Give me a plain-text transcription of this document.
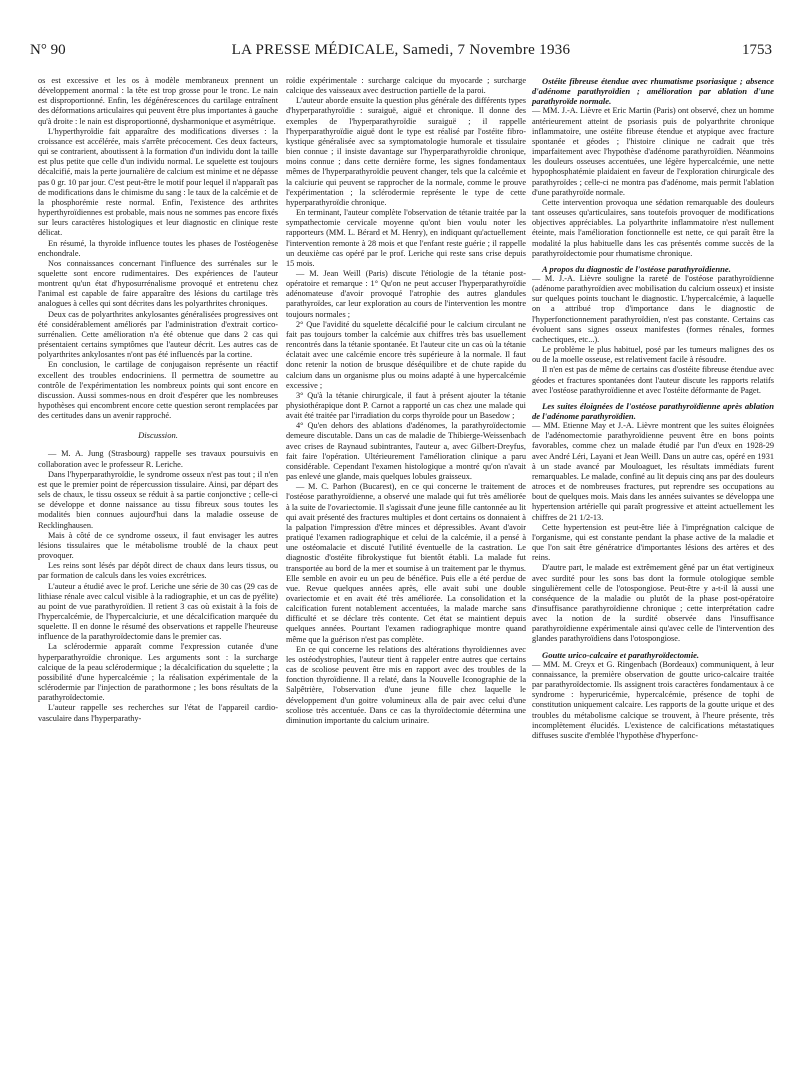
N° 90	LA PRESSE MÉDICALE, Samedi, 7 Novembre 1936	1753

os est excessive et les os à modèle membraneux prennent un développement anormal : la tête est trop grosse pour le tronc. Le nain est disproportionné. Enfin, les dégénérescences du cartilage entraînent des déformations articulaires qui peuvent être plus importantes à gauche qu'à droite : le nain est disproportionné, dysharmonique et asymétrique.

L'hyperthyroïdie fait apparaître des modifications diverses : la croissance est accélérée, mais s'arrête précocement. Ces deux facteurs, qui se contrarient, aboutissent à la formation d'un individu dont la taille est plus petite que celle d'un individu normal. Le squelette est toujours décalcifié, mais la perte journalière de calcium est minime et ne dépasse pas 0 gr. 10 par jour. C'est peut-être le motif pour lequel il n'apparaît pas de modifications dans le chimisme du sang : le taux de la calcémie et de la phosphorémie reste normal. Enfin, l'existence des arthrites hyperthyroïdiennes est probable, mais nous ne sommes pas encore fixés sur leurs caractères histologiques et leur diagnostic en clinique reste délicat.

En résumé, la thyroïde influence toutes les phases de l'ostéogenèse enchondrale.

Nos connaissances concernant l'influence des surrénales sur le squelette sont encore rudimentaires. Des expériences de l'auteur montrent qu'un état d'hyposurrénalisme provoqué et entretenu chez l'animal est capable de faire apparaître des lésions du cartilage très analogues à celles qui sont décrites dans les polyarthrites chroniques.

Deux cas de polyarthrites ankylosantes généralisées progressives ont été considérablement améliorés par l'administration d'extrait cortico-surrénalien. Cette amélioration n'a été obtenue que dans 2 cas qui présentaient certains symptômes que l'auteur décrit. Les autres cas de polyarthrites ankylosantes n'ont pas été influencés par la cortine.

En conclusion, le cartilage de conjugaison représente un réactif excellent des troubles endocriniens. Il permettra de soumettre au contrôle de l'expérimentation les nombreux points qui sont encore en discussion. Aussi sommes-nous en droit d'espérer que les nombreuses hypothèses qui encombrent encore cette question seront remplacées par des certitudes dans un avenir rapproché.

Discussion.

— M. A. Jung (Strasbourg) rappelle ses travaux poursuivis en collaboration avec le professeur R. Leriche.

Dans l'hyperparathyroïdie, le syndrome osseux n'est pas tout ; il n'en est que le premier point de répercussion tissulaire. Ainsi, par départ des sels de chaux, le tissu osseux se réduit à sa partie conjonctive ; celle-ci se développe et donne naissance au tissu fibreux sous toutes les modalités bien connues aujourd'hui dans la maladie osseuse de Recklinghausen.

Mais à côté de ce syndrome osseux, il faut envisager les autres lésions tissulaires que le métabolisme troublé de la chaux peut provoquer.

Les reins sont lésés par dépôt direct de chaux dans leurs tissus, ou par formation de calculs dans les voies excrétrices.

L'auteur a étudié avec le prof. Leriche une série de 30 cas (29 cas de lithiase rénale avec calcul visible à la radiographie, et un cas de pyélite) au point de vue parathyroïdien. Il retient 3 cas où existait à la fois de l'hypercalcémie, de l'hypercalciurie, et une décalcification marquée du squelette. Il en donne le résumé des observations et rappelle l'heureuse influence de la parathyroïdectomie dans le premier cas.

La sclérodermie apparaît comme l'expression cutanée d'une hyperparathyroïdie chronique. Les arguments sont : la surcharge calcique de la peau sclérodermique ; la décalcification du squelette ; la possibilité d'une hypercalcémie ; la réalisation expérimentale de la sclérodermie par l'injection de parathormone ; les bons résultats de la parathyroïdectomie.

L'auteur rappelle ses recherches sur l'état de l'appareil cardio-vasculaire dans l'hyperparathy-

roïdie expérimentale : surcharge calcique du myocarde ; surcharge calcique des vaisseaux avec destruction partielle de la paroi.

L'auteur aborde ensuite la question plus générale des différents types d'hyperparathyroïdie : suraiguë, aiguë et chronique. Il donne des exemples de l'hyperparathyroïdie suraiguë ; il rappelle l'hyperparathyroïdie aiguë dont le type est réalisé par l'ostéite fibro-kystique généralisée avec sa symptomatologie humorale et tissulaire bien connue ; il insiste davantage sur l'hyperparathyroïdie chronique, moins connue ; dans cette dernière forme, les signes fondamentaux mêmes de l'hyperparathyroïdie peuvent changer, tels que la calcémie et la calciurie qui peuvent se rapprocher de la normale, comme le prouve l'expérimentation ; la sclérodermie représente le type de cette hyperparathyroïdie chronique.

En terminant, l'auteur complète l'observation de tétanie traitée par la sympathectomie cervicale moyenne qu'ont bien voulu noter les rapporteurs (MM. L. Bérard et M. Henry), en indiquant qu'actuellement l'intervention remonte à 28 mois et que l'enfant reste guérie ; il rappelle un deuxième cas opéré par le prof. Leriche qui reste sans crise depuis 15 mois.

— M. Jean Weill (Paris) discute l'étiologie de la tétanie post-opératoire et remarque : 1° Qu'on ne peut accuser l'hyperparathyroïdie adénomateuse d'avoir provoqué l'atrophie des autres glandules parathyroïdes, car leur exploration au cours de l'intervention les montre toujours normales ;

2° Que l'avidité du squelette décalcifié pour le calcium circulant ne fait pas toujours tomber la calcémie aux chiffres très bas usuellement rencontrés dans la tétanie spontanée. Et l'auteur cite un cas où la tétanie éclatait avec une calcémie encore très supérieure à la normale. Il faut donc retenir la notion de brusque déséquilibre et de chute rapide du calcium dans un organisme plus ou moins adapté à une hypercalcémie excessive ;

3° Qu'à la tétanie chirurgicale, il faut à présent ajouter la tétanie physiothérapique dont P. Carnot a rapporté un cas chez une malade qui avait été traitée par l'irradiation du corps thyroïde pour un Basedow ;

4° Qu'en dehors des ablations d'adénomes, la parathyroïdectomie demeure discutable. Dans un cas de maladie de Thibierge-Weissenbach avec crises de Raynaud subintrantes, l'auteur a, avec Gilbert-Dreyfus, fait faire l'opération. Ultérieurement l'amélioration clinique a paru considérable. Cependant l'examen histologique a montré qu'on n'avait pas enlevé une glande, mais quelques lobules graisseux.

— M. C. Parhon (Bucarest), en ce qui concerne le traitement de l'ostéose parathyroïdienne, a observé une malade qui fut très améliorée à la suite de l'ovariectomie. Il s'agissait d'une jeune fille cantonnée au lit qui avait présenté des fractures multiples et dont certains os donnaient à la palpation l'impression d'être minces et dépressibles. Avant d'avoir pratiqué l'examen radiographique et celui de la calcémie, il a pensé à une ostéomalacie et discuté l'utilité éventuelle de la castration. Le diagnostic d'ostéite fibrokystique fut bientôt établi. La malade fut transportée au bord de la mer et soumise à un traitement par le thymus. Elle semble en avoir eu un peu de bénéfice. Puis elle a été perdue de vue. Revue quelques années après, elle avait subi une double ovariectomie et en avait été très améliorée. La consolidation et la calcification furent notablement accentuées, la malade marche sans difficulté et se déclare très contente. Cet état se maintient depuis quelques années. Pourtant l'examen radiographique montre quand même que la guérison n'est pas complète.

En ce qui concerne les relations des altérations thyroïdiennes avec les ostéodystrophies, l'auteur tient à rappeler entre autres que certains cas de scoliose peuvent être mis en rapport avec des troubles de la fonction thyroïdienne. Il a relaté, dans la Nouvelle Iconographie de la Salpêtrière, l'observation d'une jeune fille chez laquelle le développement d'un goitre volumineux alla de pair avec celui d'une scoliose très accentuée. Dans ce cas la thyroïdectomie détermina une diminution importante du calcium urinaire.

Ostéite fibreuse étendue avec rhumatisme psoriasique ; absence d'adénome parathyroïdien ; amélioration par ablation d'une parathyroïde normale.

— MM. J.-A. Lièvre et Eric Martin (Paris) ont observé, chez un homme antérieurement atteint de psoriasis puis de polyarthrite chronique inflammatoire, une ostéite fibreuse étendue et atypique avec fracture spontanée et géodes ; l'histoire clinique ne cadrait que très imparfaitement avec l'hypothèse d'adénome parathyroïdien. Néanmoins les douleurs osseuses accentuées, une légère hypercalcémie, une nette hypophosphatémie plaidaient en faveur de l'exploration chirurgicale des parathyroïdes ; celle-ci ne montra pas d'adénome, mais permit l'ablation d'une parathyroïde normale.

Cette intervention provoqua une sédation remarquable des douleurs tant osseuses qu'articulaires, sans toutefois provoquer de modifications objectives appréciables. La polyarthrite inflammatoire n'est nullement éteinte, mais l'amélioration fonctionnelle est nette, ce qui paraît être la modalité la plus habituelle dans les cas présentés comme succès de la parathyroïdectomie pour rhumatisme chronique.

A propos du diagnostic de l'ostéose parathyroïdienne.

— M. J.-A. Lièvre souligne la rareté de l'ostéose parathyroïdienne (adénome parathyroïdien avec mobilisation du calcium osseux) et insiste sur quelques points touchant le diagnostic. L'hypercalcémie, à laquelle on a attribué trop d'importance dans le diagnostic de l'hyperfonctionnement parathyroïdien, n'est pas constante. Certains cas évoluent sans signes osseux manifestes (formes rénales, formes cachectiques, etc...).

Le problème le plus habituel, posé par les tumeurs malignes des os ou de la moelle osseuse, est relativement facile à résoudre.

Il n'en est pas de même de certains cas d'ostéite fibreuse étendue avec géodes et fractures spontanées dont l'auteur discute les rapports relatifs avec l'ostéose parathyroïdienne et avec l'ostéite déformante de Paget.

Les suites éloignées de l'ostéose parathyroïdienne après ablation de l'adénome parathyroïdien.

— MM. Etienne May et J.-A. Lièvre montrent que les suites éloignées de l'adénomectomie parathyroïdienne peuvent être en bons points favorables, comme chez un malade étudié par l'un d'eux en 1928-29 avec André Léri, Layani et Jean Weill. Dans un autre cas, opéré en 1931 à un stade avancé par Mouloaguet, les résultats immédiats furent remarquables. Le malade, confiné au lit depuis cinq ans par des douleurs atroces et de nombreuses fractures, put reprendre ses occupations au bout de quelques mois. Mais dans les années suivantes se développa une hypertension artérielle qui paraît progressive et atteint actuellement les chiffres de 21 1/2-13.

Cette hypertension est peut-être liée à l'imprégnation calcique de l'organisme, qui est constante pendant la phase active de la maladie et que l'on sait être génératrice d'importantes lésions des artères et des reins.

D'autre part, le malade est extrêmement gêné par un état vertigineux avec surdité pour les sons bas dont la formule otologique semble singulièrement celle de l'otospongiose. Peut-être y a-t-il là aussi une conséquence de la maladie ou plutôt de la phase post-opératoire d'insuffisance parathyroïdienne chronique ; cette interprétation cadre avec la notion de la surdité observée dans l'insuffisance parathyroïdienne expérimentale ainsi qu'avec celle de l'intervention des glandes parathyroïdiens dans l'otospongiose.

Goutte urico-calcaire et parathyroïdectomie.

— MM. M. Creyx et G. Ringenbach (Bordeaux) communiquent, à leur connaissance, la première observation de goutte urico-calcaire traitée par parathyroïdectomie. Ils assignent trois caractères fondamentaux à ce syndrome : hyperuricémie, hypercalcémie, présence de tophi de constitution uniquement calcaire. Les rapports de la goutte urique et des troubles du métabolisme calcique se trouvent, à l'heure présente, très incomplètement élucidés. L'existence de calcifications métastatiques diffuses suscite d'emblée l'hypothèse d'hyperfonc-
